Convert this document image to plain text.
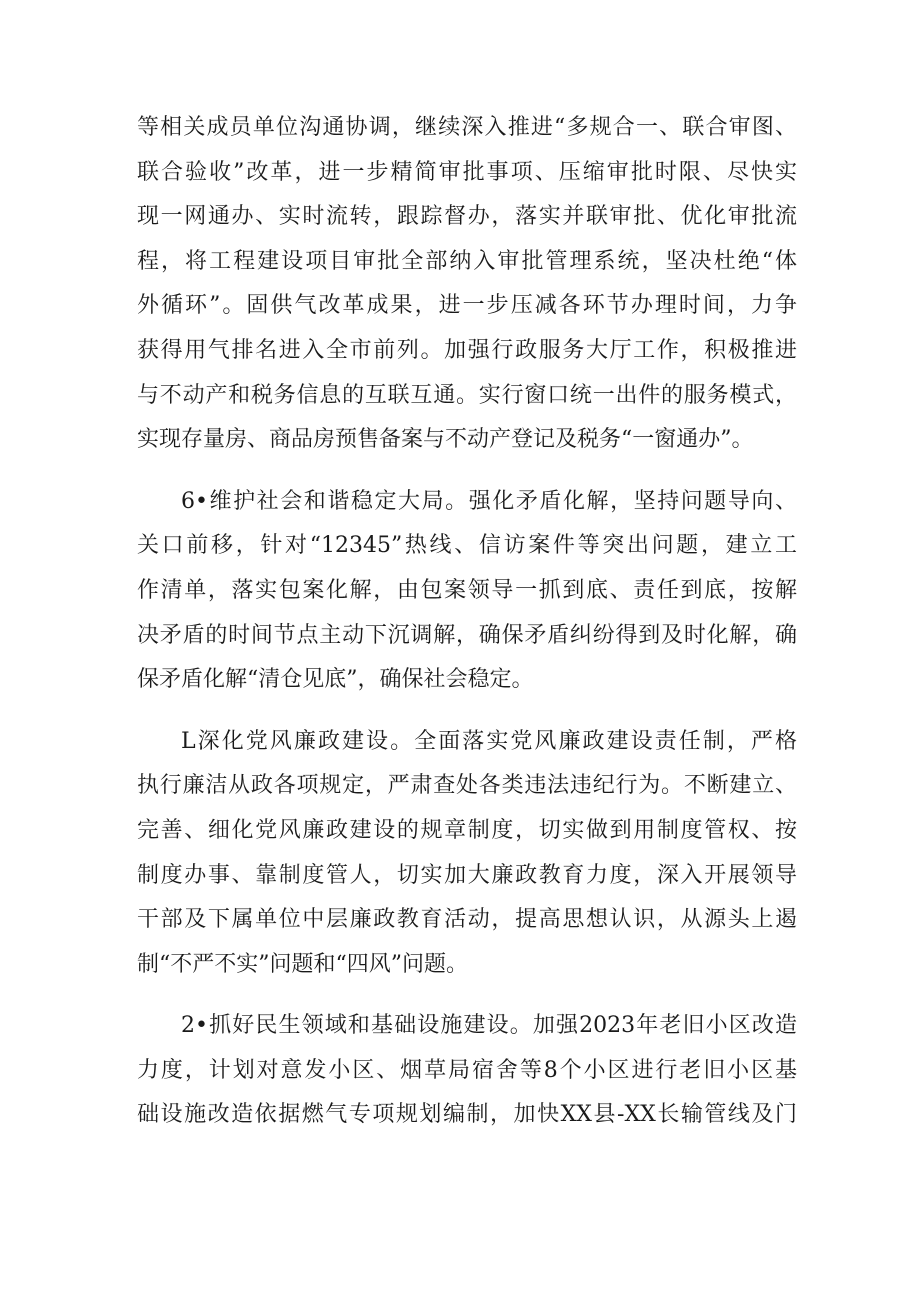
等相关成员单位沟通协调，继续深入推进“多规合一、联合审图、
联合验收”改革，进一步精简审批事项、压缩审批时限、尽快实
现一网通办、实时流转，跟踪督办，落实并联审批、优化审批流
程，将工程建设项目审批全部纳入审批管理系统，坚决杜绝“体
外循环”。固供气改革成果，进一步压减各环节办理时间，力争
获得用气排名进入全市前列。加强行政服务大厅工作，积极推进
与不动产和税务信息的互联互通。实行窗口统一出件的服务模式，
实现存量房、商品房预售备案与不动产登记及税务“一窗通办”。

6•维护社会和谐稳定大局。强化矛盾化解，坚持问题导向、
关口前移，针对“12345”热线、信访案件等突出问题，建立工
作清单，落实包案化解，由包案领导一抓到底、责任到底，按解
决矛盾的时间节点主动下沉调解，确保矛盾纠纷得到及时化解，确
保矛盾化解“清仓见底”，确保社会稳定。

L深化党风廉政建设。全面落实党风廉政建设责任制，严格
执行廉洁从政各项规定，严肃查处各类违法违纪行为。不断建立、
完善、细化党风廉政建设的规章制度，切实做到用制度管权、按
制度办事、靠制度管人，切实加大廉政教育力度，深入开展领导
干部及下属单位中层廉政教育活动，提高思想认识，从源头上遏
制“不严不实”问题和“四风”问题。

2•抓好民生领域和基础设施建设。加强2023年老旧小区改造
力度，计划对意发小区、烟草局宿舍等8个小区进行老旧小区基
础设施改造依据燃气专项规划编制，加快XX县-XX长输管线及门
